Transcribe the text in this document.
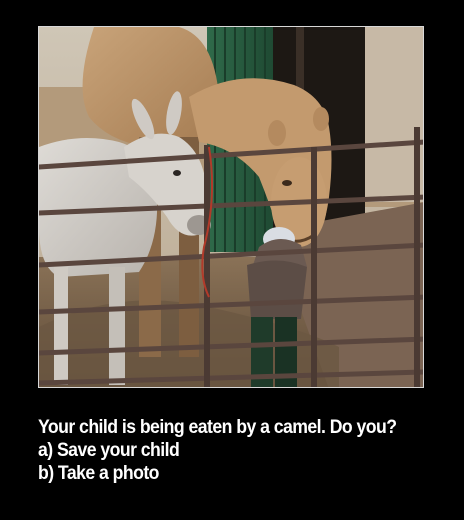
Your child is being eaten by a camel. Do you?
a) Save your child
b) Take a photo
